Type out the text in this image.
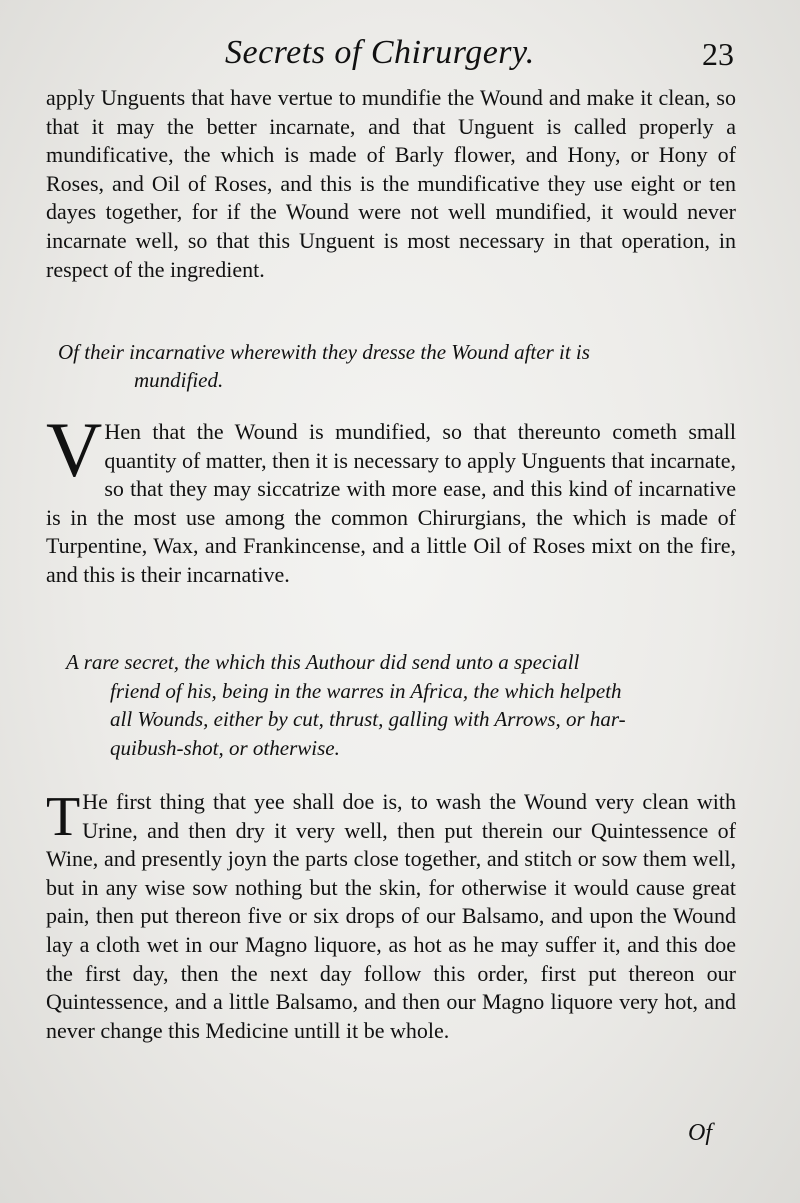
Secrets of Chirurgery.	23
apply Unguents that have vertue to mundifie the Wound and make it clean, so that it may the better incarnate, and that Unguent is called properly a mundificative, the which is made of Barly flower, and Hony, or Hony of Roses, and Oil of Roses, and this is the mundificative they use eight or ten dayes together, for if the Wound were not well mundified, it would never incarnate well, so that this Unguent is most necessary in that operation, in respect of the ingredient.
Of their incarnative wherewith they dresse the Wound after it is
mundified.
V Hen that the Wound is mundified, so that thereunto cometh small quantity of matter, then it is necessary to apply Unguents that incarnate, so that they may siccatrize with more ease, and this kind of incarnative is in the most use among the common Chirurgians, the which is made of Turpentine, Wax, and Frankincense, and a little Oil of Roses mixt on the fire, and this is their incarnative.
A rare secret, the which this Authour did send unto a speciall
friend of his, being in the warres in Africa, the which helpeth
all Wounds, either by cut, thrust, galling with Arrows, or har-
quibush-shot, or otherwise.
T He first thing that yee shall doe is, to wash the Wound very clean with Urine, and then dry it very well, then put therein our Quintessence of Wine, and presently joyn the parts close together, and stitch or sow them well, but in any wise sow nothing but the skin, for otherwise it would cause great pain, then put thereon five or six drops of our Balsamo, and upon the Wound lay a cloth wet in our Magno liquore, as hot as he may suffer it, and this doe the first day, then the next day follow this order, first put thereon our Quintessence, and a little Balsamo, and then our Magno liquore very hot, and never change this Medicine untill it be whole.
Of
